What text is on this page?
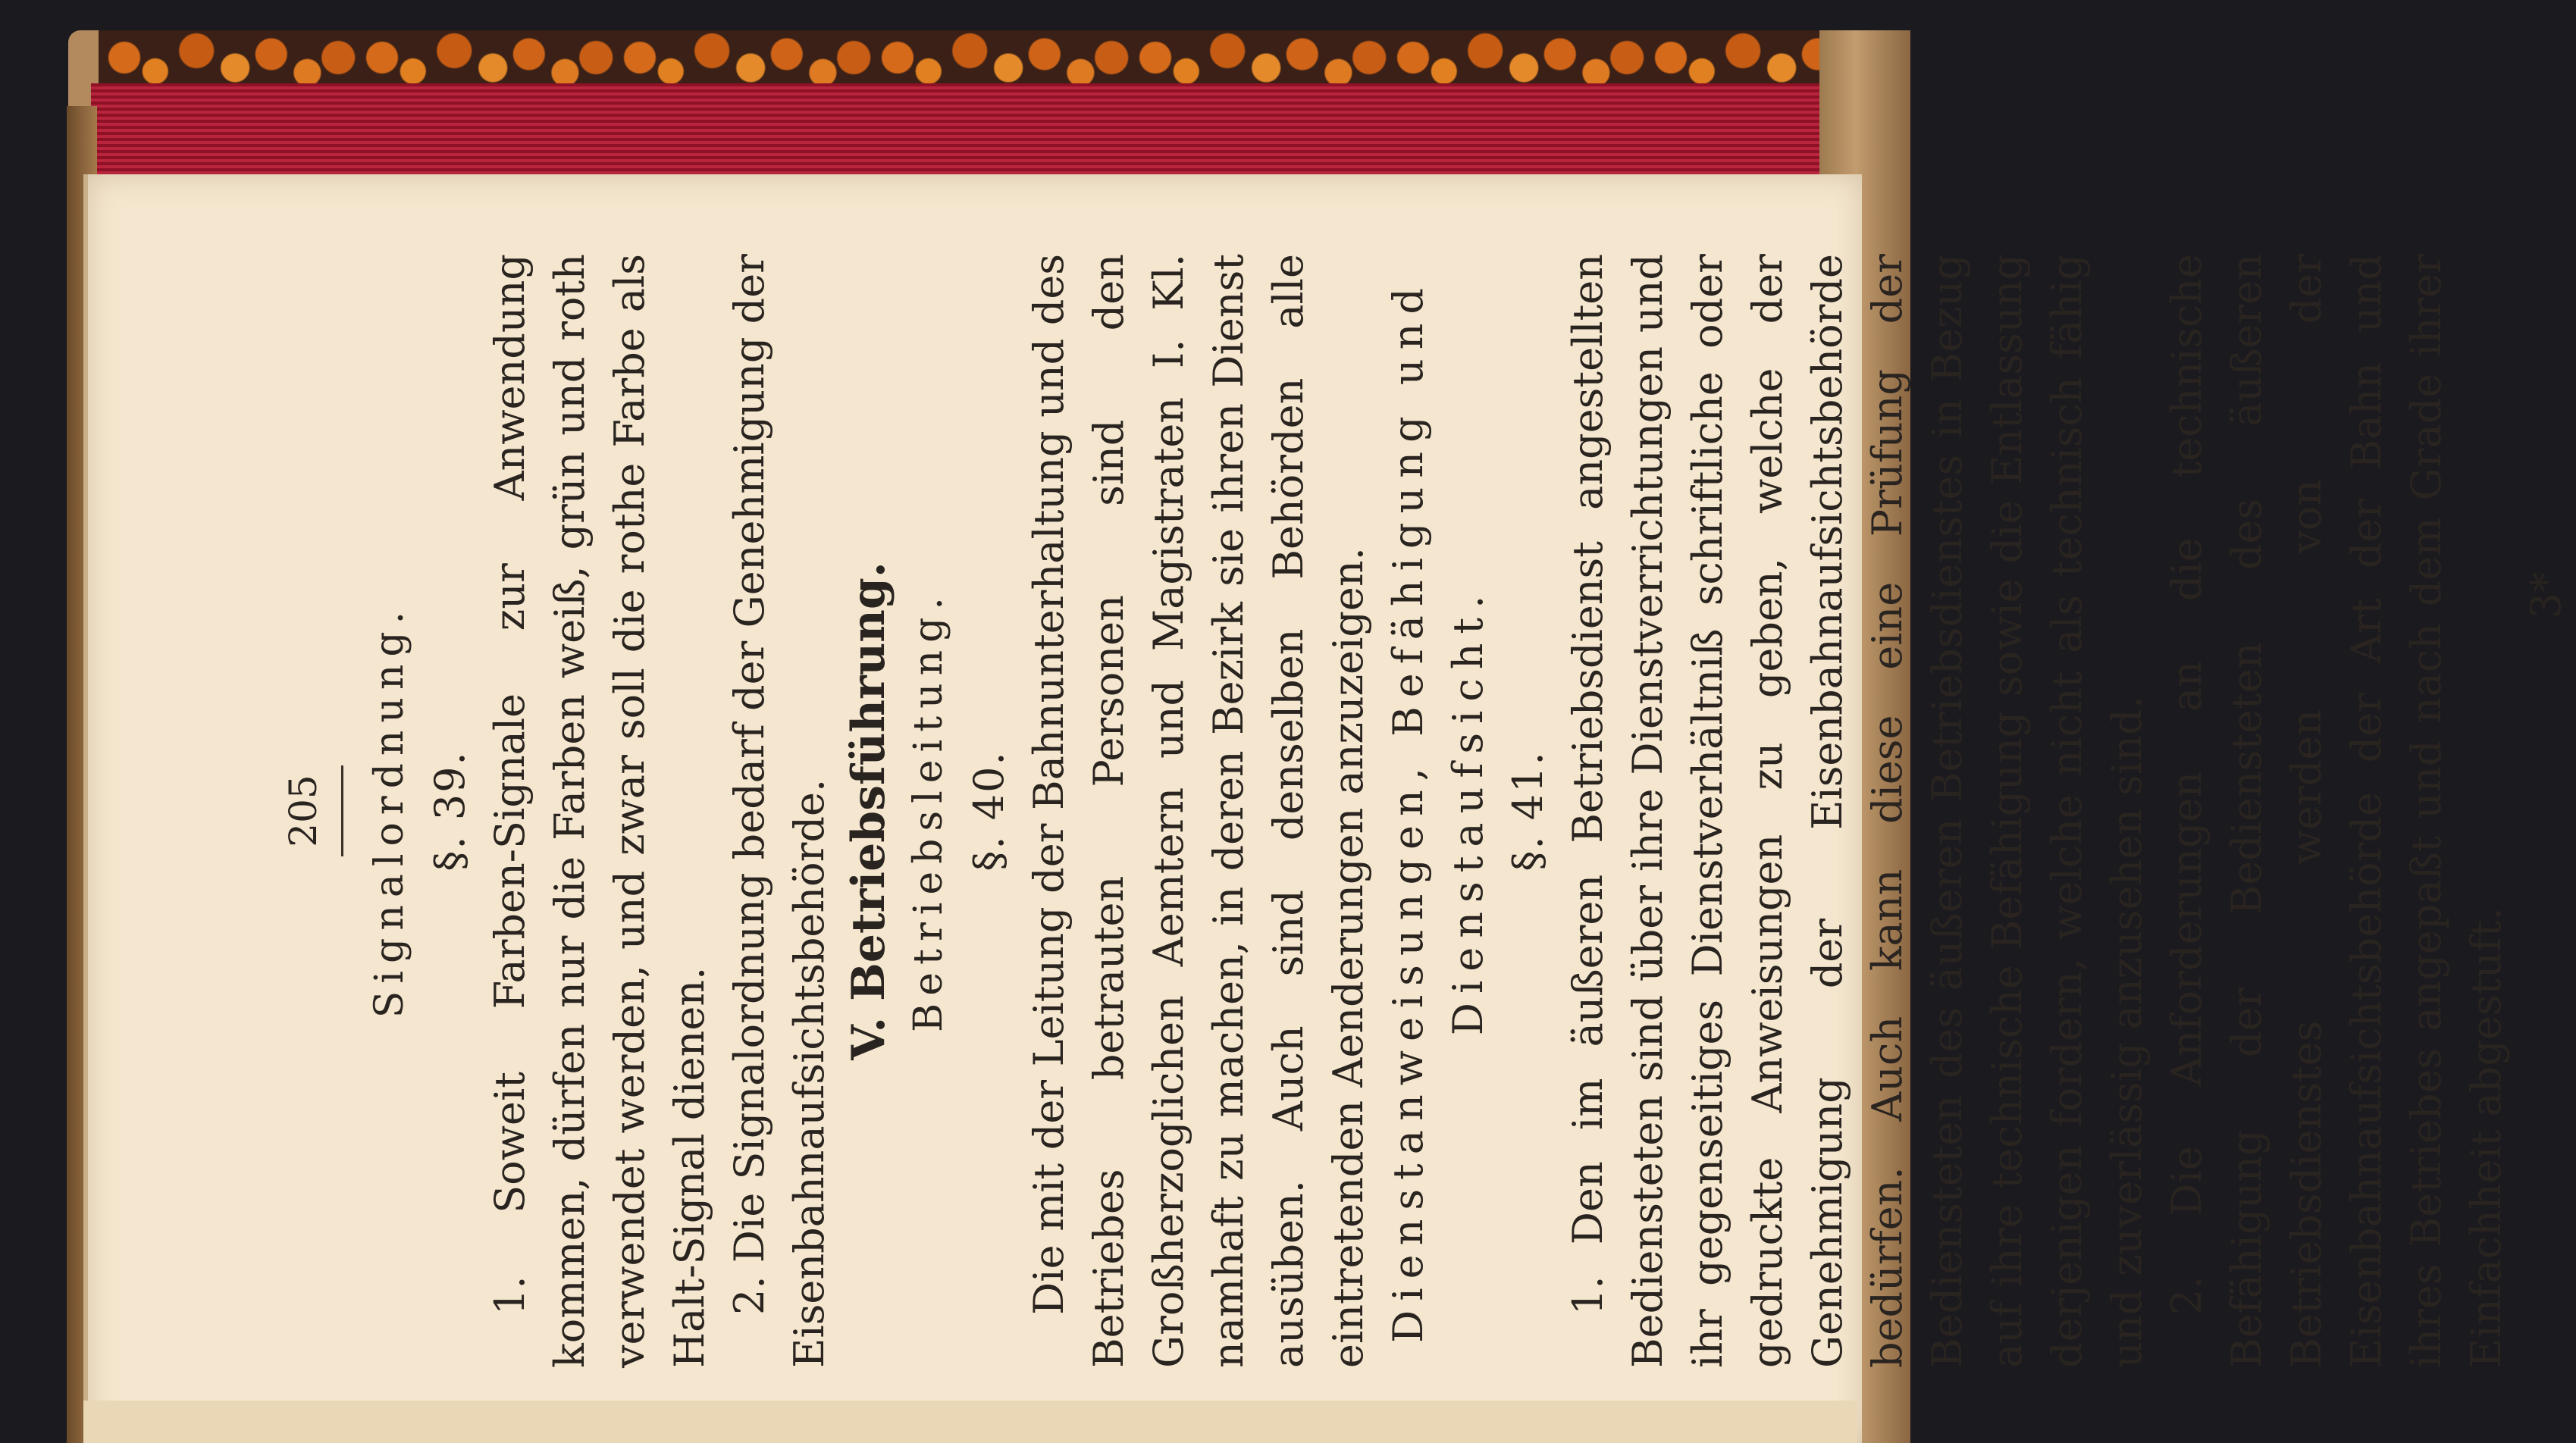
205 Signalordnung. §. 39. 1. Soweit Farben-Signale zur Anwendung kommen, dürfen nur die Farben weiß, grün und roth verwendet werden, und zwar soll die rothe Farbe als Halt-Signal dienen. 2. Die Signalordnung bedarf der Genehmigung der Eisenbahnaufsichtsbehörde. V. Betriebsführung. Betriebsleitung. §. 40. Die mit der Leitung der Bahnunterhaltung und des Betriebes betrauten Personen sind den Großherzoglichen Aemtern und Magistraten I. Kl. namhaft zu machen, in deren Bezirk sie ihren Dienst ausüben. Auch sind denselben Behörden alle eintretenden Aenderungen anzuzeigen. Dienstanweisungen, Befähigung und Dienstaufsicht. §. 41. 1. Den im äußeren Betriebsdienst angestellten Bediensteten sind über ihre Dienstverrichtungen und ihr gegenseitiges Dienstverhältniß schriftliche oder gedruckte Anweisungen zu geben, welche der Genehmigung der Eisenbahnaufsichtsbehörde bedürfen. Auch kann diese eine Prüfung der Bediensteten des äußeren Betriebsdienstes in Bezug auf ihre technische Befähigung sowie die Entlassung derjenigen fordern, welche nicht als technisch fähig und zuverlässig anzusehen sind. 2. Die Anforderungen an die technische Befähigung der Bediensteten des äußeren Betriebsdienstes werden von der Eisenbahnaufsichtsbehörde der Art der Bahn und ihres Betriebes angepaßt und nach dem Grade ihrer Einfachheit abgestuft.

3*
